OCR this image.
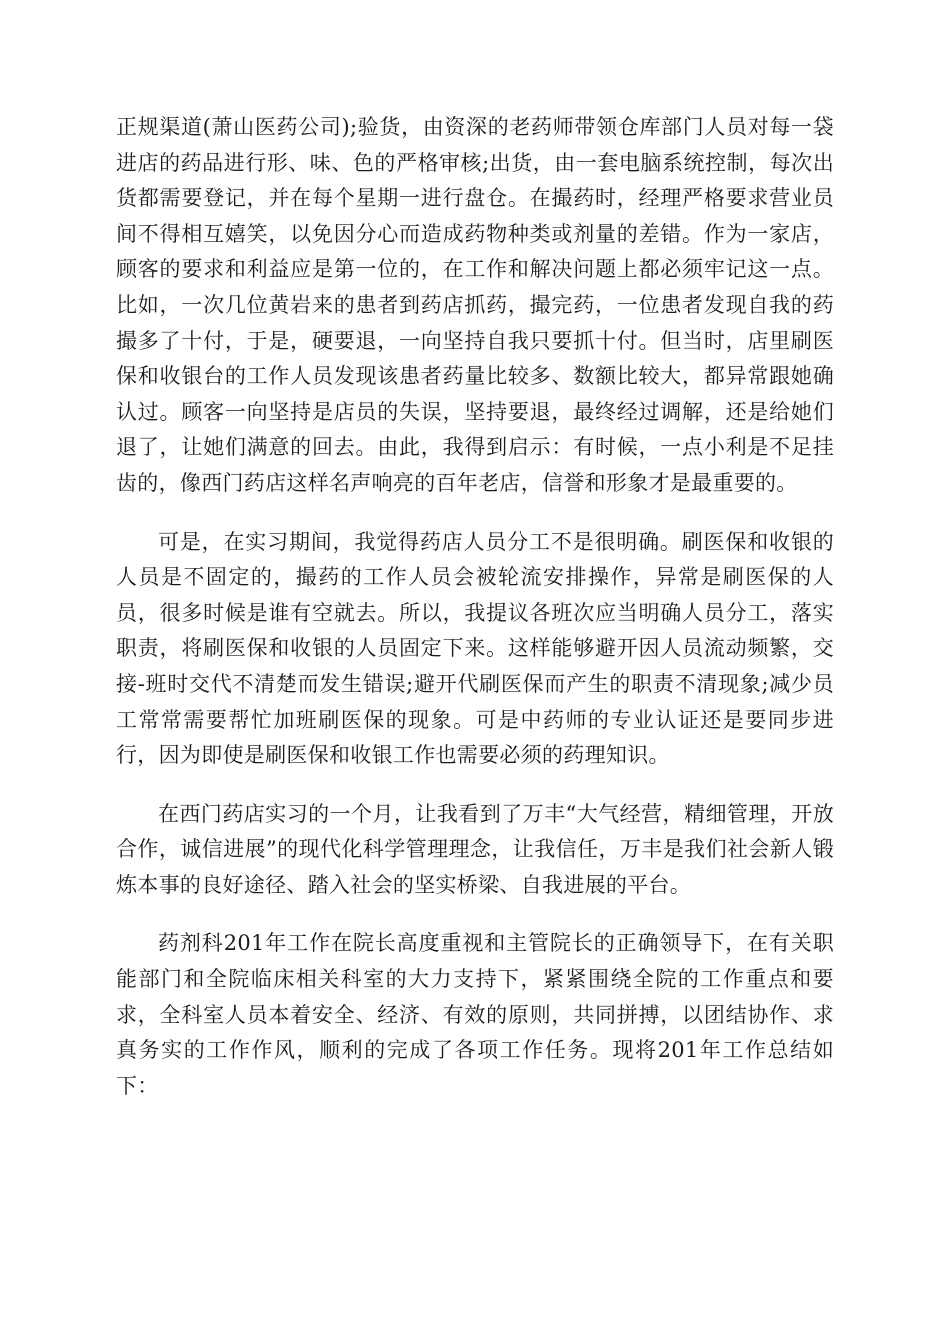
正规渠道(萧山医药公司);验货，由资深的老药师带领仓库部门人员对每一袋进店的药品进行形、味、色的严格审核;出货，由一套电脑系统控制，每次出货都需要登记，并在每个星期一进行盘仓。在撮药时，经理严格要求营业员间不得相互嬉笑，以免因分心而造成药物种类或剂量的差错。作为一家店，顾客的要求和利益应是第一位的，在工作和解决问题上都必须牢记这一点。比如，一次几位黄岩来的患者到药店抓药，撮完药，一位患者发现自我的药撮多了十付，于是，硬要退，一向坚持自我只要抓十付。但当时，店里刷医保和收银台的工作人员发现该患者药量比较多、数额比较大，都异常跟她确认过。顾客一向坚持是店员的失误，坚持要退，最终经过调解，还是给她们退了，让她们满意的回去。由此，我得到启示：有时候，一点小利是不足挂齿的，像西门药店这样名声响亮的百年老店，信誉和形象才是最重要的。

可是，在实习期间，我觉得药店人员分工不是很明确。刷医保和收银的人员是不固定的，撮药的工作人员会被轮流安排操作，异常是刷医保的人员，很多时候是谁有空就去。所以，我提议各班次应当明确人员分工，落实职责，将刷医保和收银的人员固定下来。这样能够避开因人员流动频繁，交接-班时交代不清楚而发生错误;避开代刷医保而产生的职责不清现象;减少员工常常需要帮忙加班刷医保的现象。可是中药师的专业认证还是要同步进行，因为即使是刷医保和收银工作也需要必须的药理知识。

在西门药店实习的一个月，让我看到了万丰“大气经营，精细管理，开放合作，诚信进展”的现代化科学管理理念，让我信任，万丰是我们社会新人锻炼本事的良好途径、踏入社会的坚实桥梁、自我进展的平台。

药剂科201年工作在院长高度重视和主管院长的正确领导下，在有关职能部门和全院临床相关科室的大力支持下，紧紧围绕全院的工作重点和要求，全科室人员本着安全、经济、有效的原则，共同拼搏，以团结协作、求真务实的工作作风，顺利的完成了各项工作任务。现将201年工作总结如下：
